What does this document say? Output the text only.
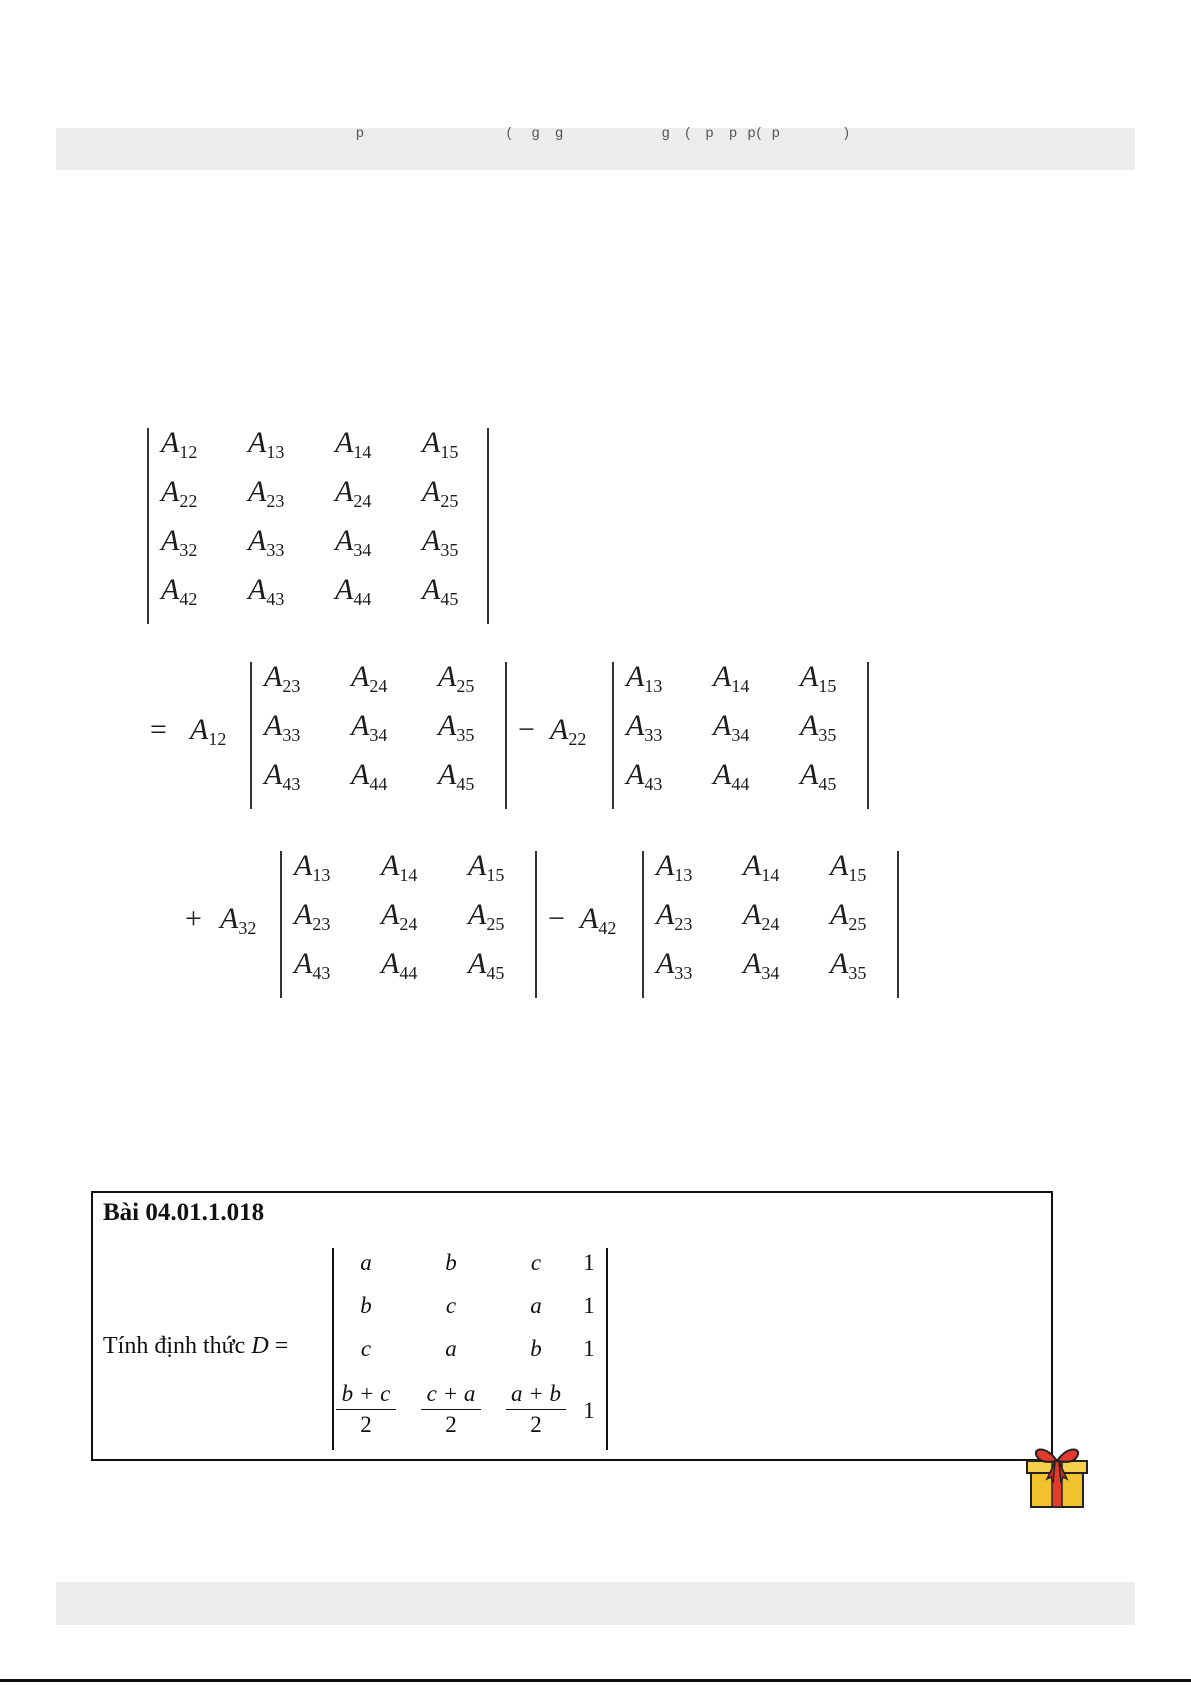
p                             (    g   g                    g   (   p   p  p(  p             )
$A_{12}$ $A_{13}$ $A_{14}$ $A_{15}$
$A_{22}$ $A_{23}$ $A_{24}$ $A_{25}$
$A_{32}$ $A_{33}$ $A_{34}$ $A_{35}$
$A_{42}$ $A_{43}$ $A_{44}$ $A_{45}$
= $A_{12}$
$A_{23}$ $A_{24}$ $A_{25}$
$A_{33}$ $A_{34}$ $A_{35}$
$A_{43}$ $A_{44}$ $A_{45}$
− $A_{22}$
$A_{13}$ $A_{14}$ $A_{15}$
$A_{33}$ $A_{34}$ $A_{35}$
$A_{43}$ $A_{44}$ $A_{45}$
+ $A_{32}$
$A_{13}$ $A_{14}$ $A_{15}$
$A_{23}$ $A_{24}$ $A_{25}$
$A_{43}$ $A_{44}$ $A_{45}$
− $A_{42}$
$A_{13}$ $A_{14}$ $A_{15}$
$A_{23}$ $A_{24}$ $A_{25}$
$A_{33}$ $A_{34}$ $A_{35}$
Bài 04.01.1.018
Tính định thức D =
a	b	c	1
b	c	a	1
c	a	b	1
$\frac{b + c}{2} \frac{c + a}{2} \frac{a + b}{2} 1$
